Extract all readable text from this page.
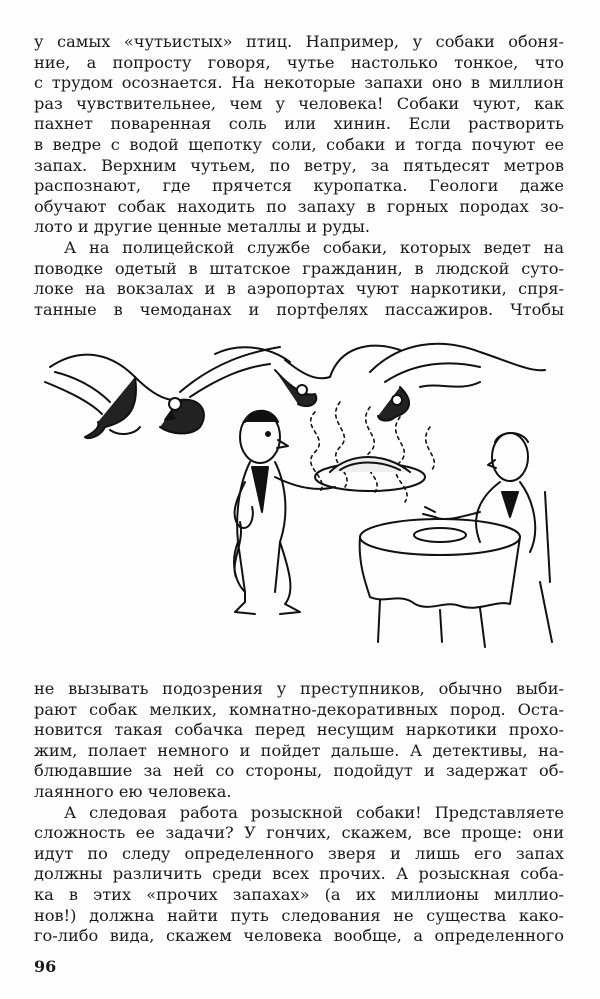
у самых «чутьистых» птиц. Например, у собаки обоня-
ние, а попросту говоря, чутье настолько тонкое, что
с трудом осознается. На некоторые запахи оно в миллион
раз чувствительнее, чем у человека! Собаки чуют, как
пахнет поваренная соль или хинин. Если растворить
в ведре с водой щепотку соли, собаки и тогда почуют ее
запах. Верхним чутьем, по ветру, за пятьдесят метров
распознают, где прячется куропатка. Геологи даже
обучают собак находить по запаху в горных породах зо-
лото и другие ценные металлы и руды.
А на полицейской службе собаки, которых ведет на
поводке одетый в штатское гражданин, в людской суто-
локе на вокзалах и в аэропортах чуют наркотики, спря-
танные в чемоданах и портфелях пассажиров. Чтобы
не вызывать подозрения у преступников, обычно выби-
рают собак мелких, комнатно-декоративных пород. Оста-
новится такая собачка перед несущим наркотики прохо-
жим, полает немного и пойдет дальше. А детективы, на-
блюдавшие за ней со стороны, подойдут и задержат об-
лаянного ею человека.
А следовая работа розыскной собаки! Представляете
сложность ее задачи? У гончих, скажем, все проще: они
идут по следу определенного зверя и лишь его запах
должны различить среди всех прочих. А розыскная соба-
ка в этих «прочих запахах» (а их миллионы миллио-
нов!) должна найти путь следования не существа како-
го-либо вида, скажем человека вообще, а определенного
96
